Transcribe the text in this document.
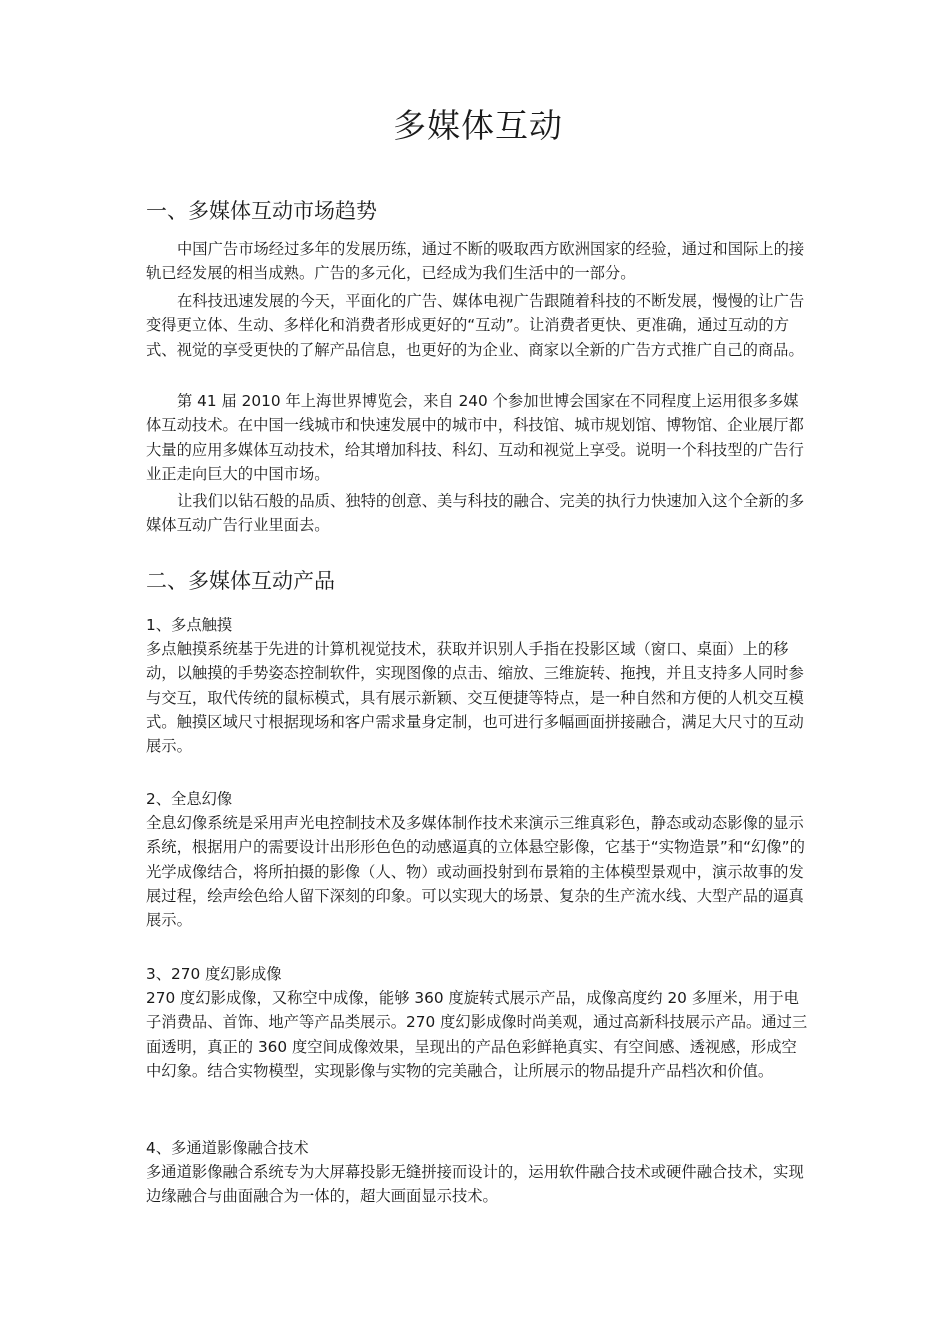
多媒体互动
一、多媒体互动市场趋势

中国广告市场经过多年的发展历练，通过不断的吸取西方欧洲国家的经验，通过和国际上的接轨已经发展的相当成熟。广告的多元化，已经成为我们生活中的一部分。

在科技迅速发展的今天，平面化的广告、媒体电视广告跟随着科技的不断发展，慢慢的让广告变得更立体、生动、多样化和消费者形成更好的“互动”。让消费者更快、更准确，通过互动的方式、视觉的享受更快的了解产品信息，也更好的为企业、商家以全新的广告方式推广自己的商品。

第 41 届 2010 年上海世界博览会，来自 240 个参加世博会国家在不同程度上运用很多多媒体互动技术。在中国一线城市和快速发展中的城市中，科技馆、城市规划馆、博物馆、企业展厅都大量的应用多媒体互动技术，给其增加科技、科幻、互动和视觉上享受。说明一个科技型的广告行业正走向巨大的中国市场。

让我们以钻石般的品质、独特的创意、美与科技的融合、完美的执行力快速加入这个全新的多媒体互动广告行业里面去。

二、多媒体互动产品
1、多点触摸

多点触摸系统基于先进的计算机视觉技术，获取并识别人手指在投影区域（窗口、桌面）上的移动，以触摸的手势姿态控制软件，实现图像的点击、缩放、三维旋转、拖拽，并且支持多人同时参与交互，取代传统的鼠标模式，具有展示新颖、交互便捷等特点，是一种自然和方便的人机交互模式。触摸区域尺寸根据现场和客户需求量身定制，也可进行多幅画面拼接融合，满足大尺寸的互动展示。

2、全息幻像

全息幻像系统是采用声光电控制技术及多媒体制作技术来演示三维真彩色，静态或动态影像的显示系统，根据用户的需要设计出形形色色的动感逼真的立体悬空影像，它基于“实物造景”和“幻像”的光学成像结合，将所拍摄的影像（人、物）或动画投射到布景箱的主体模型景观中，演示故事的发展过程，绘声绘色给人留下深刻的印象。可以实现大的场景、复杂的生产流水线、大型产品的逼真展示。

3、270 度幻影成像

270 度幻影成像，又称空中成像，能够 360 度旋转式展示产品，成像高度约 20 多厘米，用于电子消费品、首饰、地产等产品类展示。270 度幻影成像时尚美观，通过高新科技展示产品。通过三面透明，真正的 360 度空间成像效果，呈现出的产品色彩鲜艳真实、有空间感、透视感，形成空中幻象。结合实物模型，实现影像与实物的完美融合，让所展示的物品提升产品档次和价值。

4、多通道影像融合技术

多通道影像融合系统专为大屏幕投影无缝拼接而设计的，运用软件融合技术或硬件融合技术，实现边缘融合与曲面融合为一体的，超大画面显示技术。
